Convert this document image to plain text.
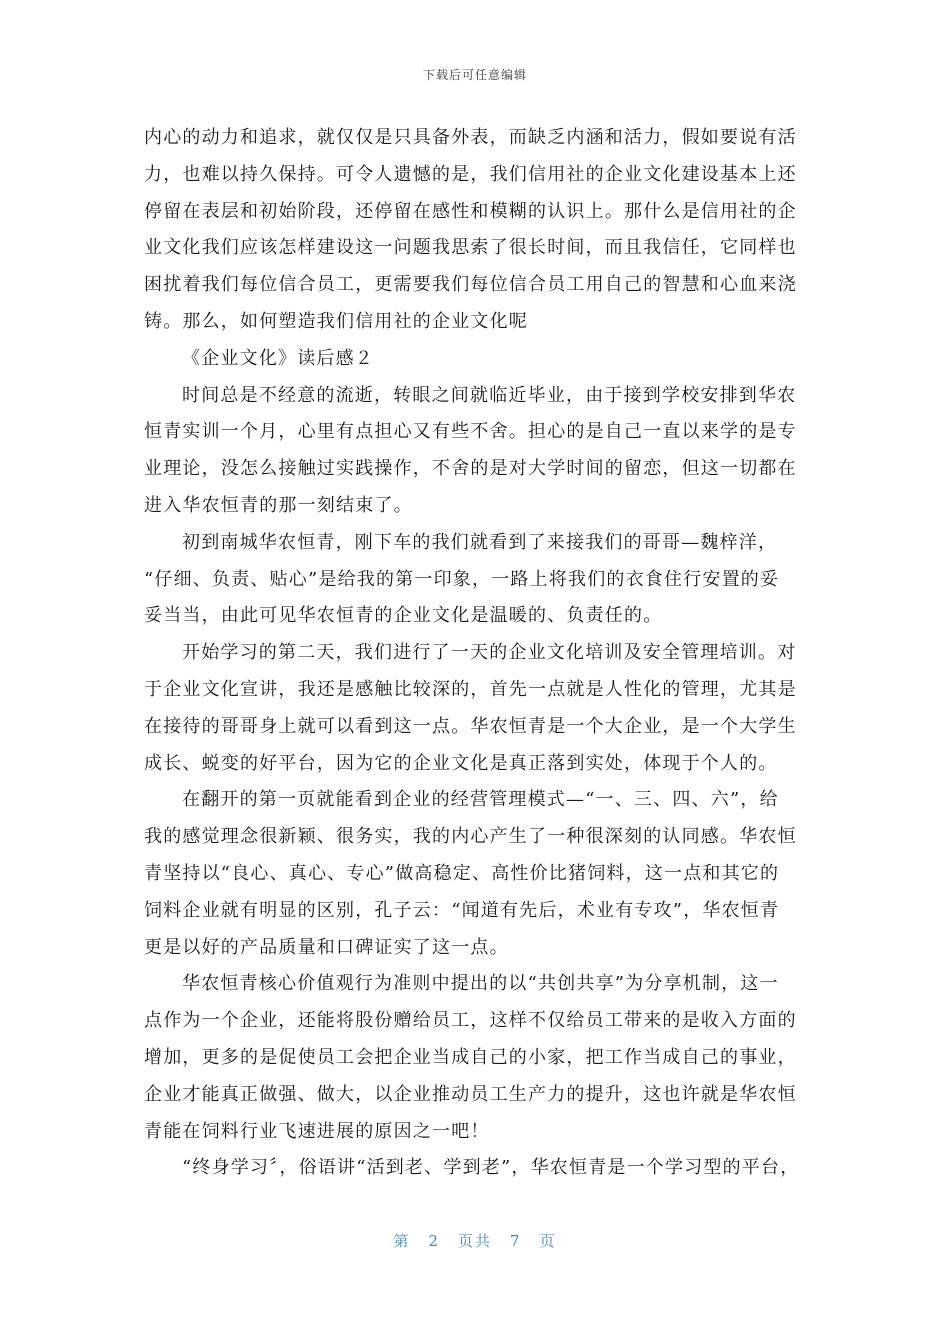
下载后可任意编辑

内心的动力和追求，就仅仅是只具备外表，而缺乏内涵和活力，假如要说有活
力，也难以持久保持。可令人遗憾的是，我们信用社的企业文化建设基本上还
停留在表层和初始阶段，还停留在感性和模糊的认识上。那什么是信用社的企
业文化我们应该怎样建设这一问题我思索了很长时间，而且我信任，它同样也
困扰着我们每位信合员工，更需要我们每位信合员工用自己的智慧和心血来浇
铸。那么，如何塑造我们信用社的企业文化呢

《企业文化》读后感２

时间总是不经意的流逝，转眼之间就临近毕业，由于接到学校安排到华农
恒青实训一个月，心里有点担心又有些不舍。担心的是自己一直以来学的是专
业理论，没怎么接触过实践操作，不舍的是对大学时间的留恋，但这一切都在
进入华农恒青的那一刻结束了。

初到南城华农恒青，刚下车的我们就看到了来接我们的哥哥—魏梓洋，
“仔细、负责、贴心”是给我的第一印象，一路上将我们的衣食住行安置的妥
妥当当，由此可见华农恒青的企业文化是温暖的、负责任的。

开始学习的第二天，我们进行了一天的企业文化培训及安全管理培训。对
于企业文化宣讲，我还是感触比较深的，首先一点就是人性化的管理，尤其是
在接待的哥哥身上就可以看到这一点。华农恒青是一个大企业，是一个大学生
成长、蜕变的好平台，因为它的企业文化是真正落到实处，体现于个人的。

在翻开的第一页就能看到企业的经营管理模式—“一、三、四、六”，给
我的感觉理念很新颖、很务实，我的内心产生了一种很深刻的认同感。华农恒
青坚持以“良心、真心、专心”做高稳定、高性价比猪饲料，这一点和其它的
饲料企业就有明显的区别，孔子云：“闻道有先后，术业有专攻”，华农恒青
更是以好的产品质量和口碑证实了这一点。

华农恒青核心价值观行为准则中提出的以“共创共享”为分享机制，这一
点作为一个企业，还能将股份赠给员工，这样不仅给员工带来的是收入方面的
增加，更多的是促使员工会把企业当成自己的小家，把工作当成自己的事业，
企业才能真正做强、做大，以企业推动员工生产力的提升，这也许就是华农恒
青能在饲料行业飞速进展的原因之一吧！

“终身学习〞，俗语讲“活到老、学到老”，华农恒青是一个学习型的平台，

第 2 页共 7 页
